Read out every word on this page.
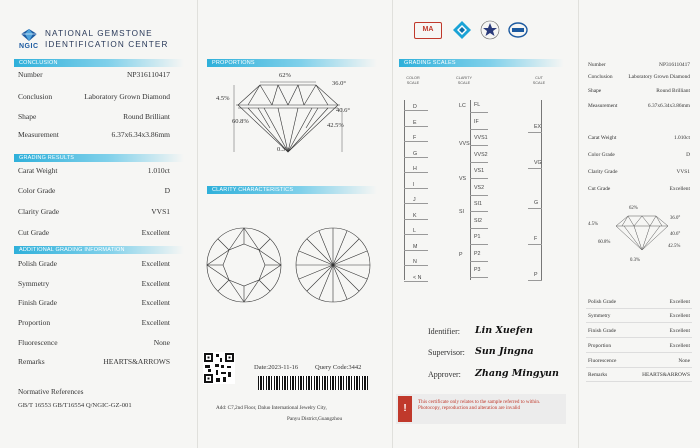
NGIC
NATIONAL GEMSTONE
IDENTIFICATION CENTER
CONCLUSION
Number	NP316110417
Conclusion	Laboratory Grown Diamond
Shape	Round Brilliant
Measurement	6.37x6.34x3.86mm
GRADING RESULTS
Carat Weight	1.010ct
Color Grade	D
Clarity Grade	VVS1
Cut Grade	Excellent
ADDITIONAL GRADING INFORMATION
Polish Grade	Excellent
Symmetry	Excellent
Finish Grade	Excellent
Proportion	Excellent
Fluorescence	None
Remarks	HEARTS&ARROWS
Normative References
GB/T 16553 GB/T16554 Q/NGIC-GZ-001
PROPORTIONS
62%
36.0°
4.5%
40.6°
60.8%
42.5%
0.3%
CLARITY CHARACTERISTICS
Date:2023-11-16	Query Code:3442
Add: C7,2nd Floor, Daluo International Jewelry City,
Panyu District,Guangzhou
MA
GRADING SCALES
COLOR
SCALE
CLARITY
SCALE
CUT
SCALE
D
E
F
G
H
I
J
K
L
M
N
< N
FL
IF
VVS1
VVS2
VS1
VS2
SI1
SI2
P1
P2
P3
LC
VVS
VS
SI
P
EX
VG
G
F
P
Identifier: Lin Xuefen
Supervisor: Sun Jingna
Approver: Zhang Mingyun
!
This certificate only relates to the sample referred to within. Photocopy, reproduction and alteration are invalid
Number	NP316110417
Conclusion	Laboratory Grown Diamond
Shape	Round Brilliant
Measurement	6.37x6.34x3.86mm
Carat Weight	1.010ct
Color Grade	D
Clarity Grade	VVS1
Cut Grade	Excellent
62%
36.0°
4.5%
40.6°
60.8%
42.5%
0.3%
Polish Grade	Excellent
Symmetry	Excellent
Finish Grade	Excellent
Proportion	Excellent
Fluorescence	None
Remarks	HEARTS&ARROWS
